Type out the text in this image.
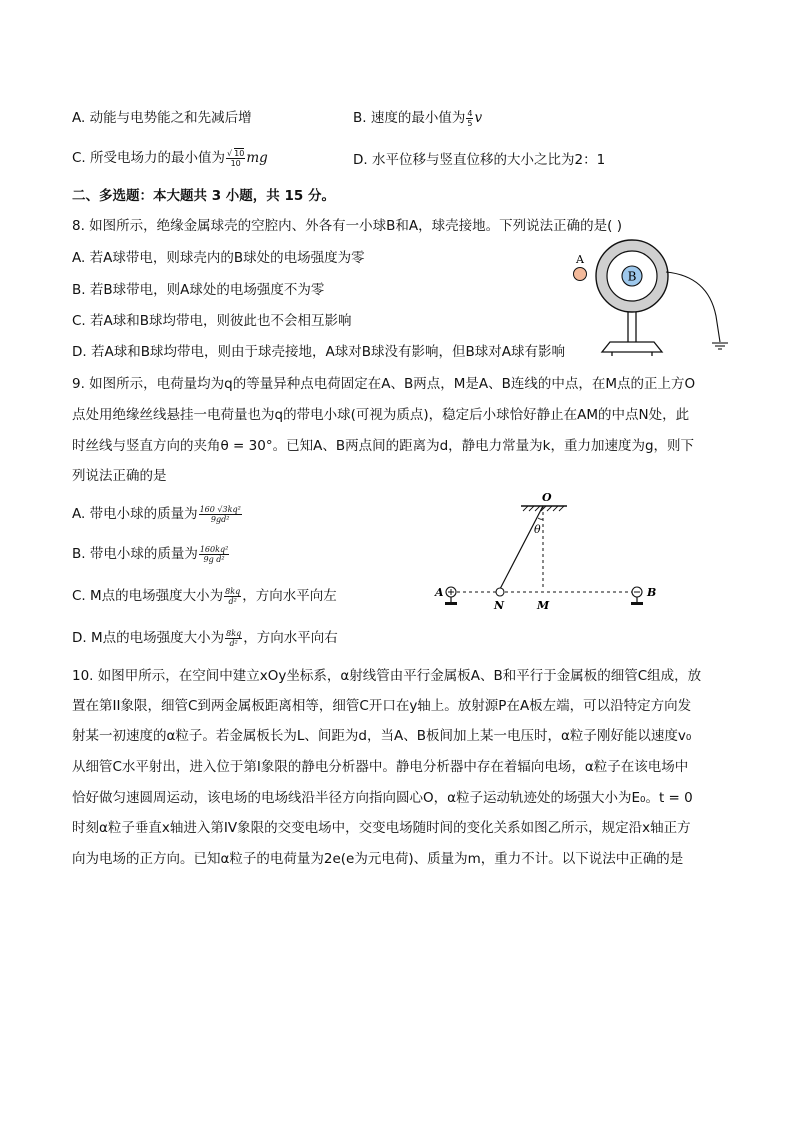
A. 动能与电势能之和先减后增	B. 速度的最小值为 $\frac{4}{5}$ v
C. 所受电场力的最小值为 $\frac{√ 10}{10}$ mg	D. 水平位移与竖直位移的大小之比为2：1
二、多选题：本大题共 3 小题，共 15 分。
8. 如图所示，绝缘金属球壳的空腔内、外各有一小球B和A，球壳接地。下列说法正确的是( )
A. 若A球带电，则球壳内的B球处的电场强度为零
B. 若B球带电，则A球处的电场强度不为零
C. 若A球和B球均带电，则彼此也不会相互影响
D. 若A球和B球均带电，则由于球壳接地，A球对B球没有影响，但B球对A球有影响
B
A
9. 如图所示，电荷量均为q的等量异种点电荷固定在A、B两点，M是A、B连线的中点，在M点的正上方O
点处用绝缘丝线悬挂一电荷量也为q的带电小球(可视为质点)，稳定后小球恰好静止在AM的中点N处，此
时丝线与竖直方向的夹角θ = 30°。已知A、B两点间的距离为d，静电力常量为k，重力加速度为g，则下
列说法正确的是
A. 带电小球的质量为 $\frac{\text{160 √3kq²}}{\text{9gd²}}$
B. 带电小球的质量为 $\frac{\text{160kq²}}{\text{9g d²}}$
C. M点的电场强度大小为 $\frac{8kq}{\text{d²}}$ ，方向水平向左
D. M点的电场强度大小为 $\frac{8kq}{\text{d²}}$ ，方向水平向右
O
θ
A
N	M
B
10. 如图甲所示，在空间中建立xOy坐标系，α射线管由平行金属板A、B和平行于金属板的细管C组成，放
置在第II象限，细管C到两金属板距离相等，细管C开口在y轴上。放射源P在A板左端，可以沿特定方向发
射某一初速度的α粒子。若金属板长为L、间距为d，当A、B板间加上某一电压时，α粒子刚好能以速度v₀
从细管C水平射出，进入位于第I象限的静电分析器中。静电分析器中存在着辐向电场，α粒子在该电场中
恰好做匀速圆周运动，该电场的电场线沿半径方向指向圆心O，α粒子运动轨迹处的场强大小为E₀。t = 0
时刻α粒子垂直x轴进入第IV象限的交变电场中，交变电场随时间的变化关系如图乙所示，规定沿x轴正方
向为电场的正方向。已知α粒子的电荷量为2e(e为元电荷)、质量为m，重力不计。以下说法中正确的是
